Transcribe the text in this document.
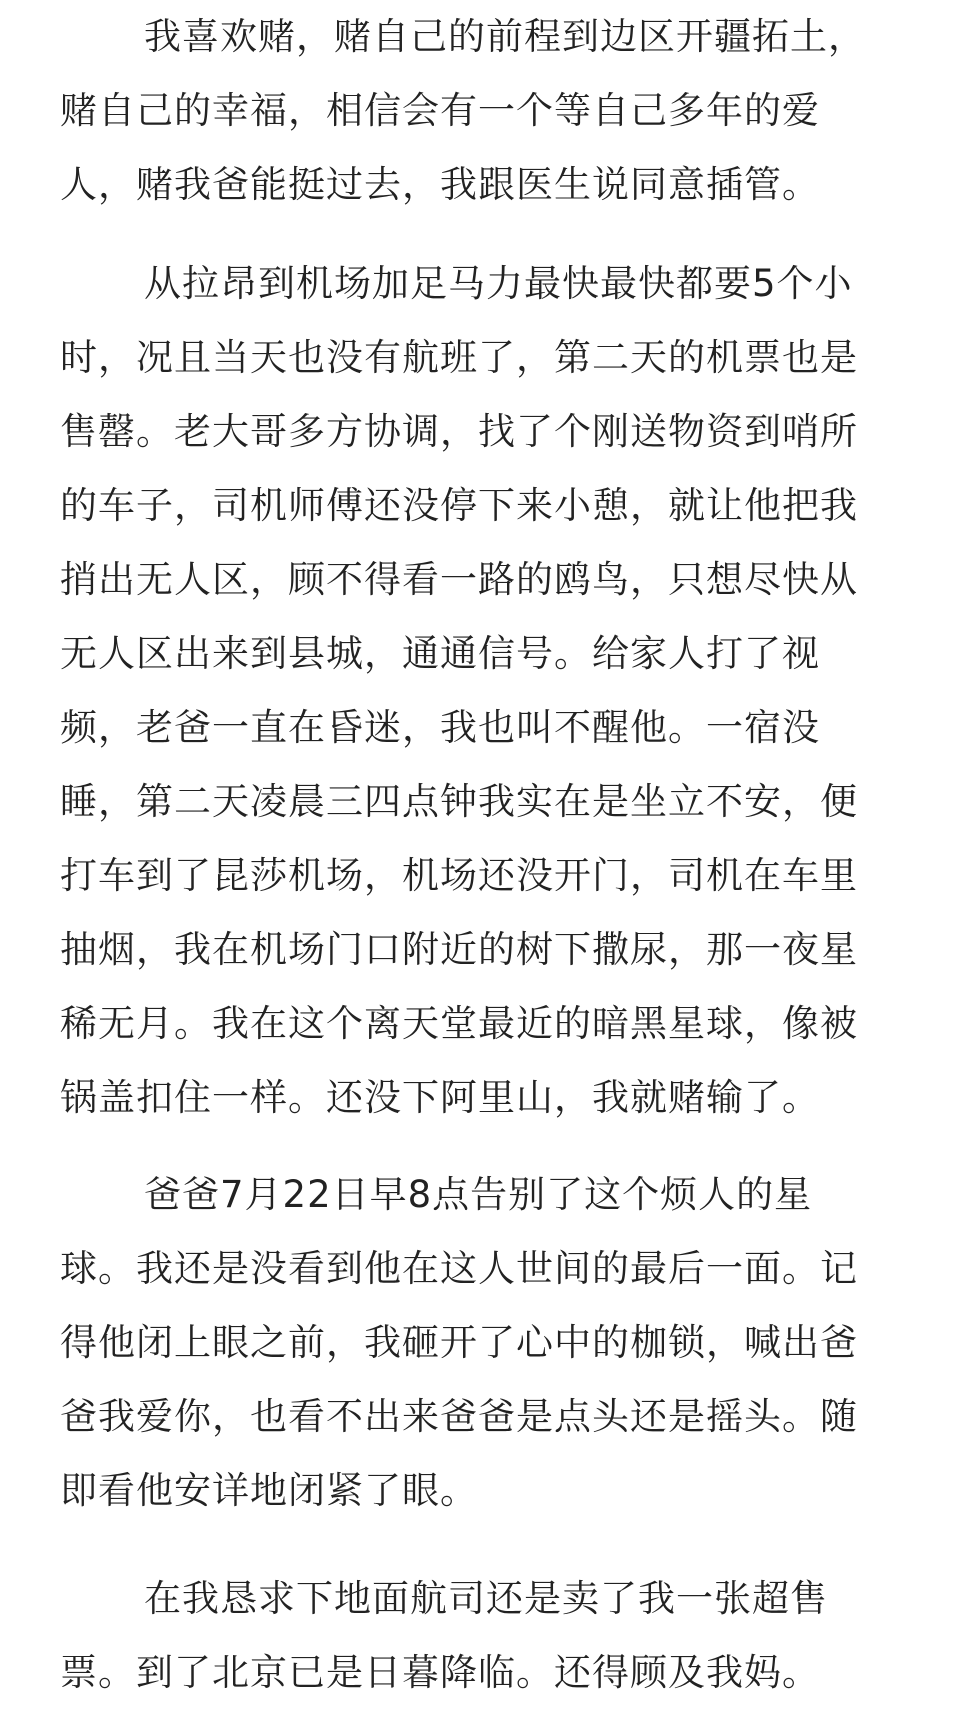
我喜欢赌，赌自己的前程到边区开疆拓土，
赌自己的幸福，相信会有一个等自己多年的爱
人，赌我爸能挺过去，我跟医生说同意插管。

从拉昂到机场加足马力最快最快都要5个小
时，况且当天也没有航班了，第二天的机票也是
售罄。老大哥多方协调，找了个刚送物资到哨所
的车子，司机师傅还没停下来小憩，就让他把我
捎出无人区，顾不得看一路的鸥鸟，只想尽快从
无人区出来到县城，通通信号。给家人打了视
频，老爸一直在昏迷，我也叫不醒他。一宿没
睡，第二天凌晨三四点钟我实在是坐立不安，便
打车到了昆莎机场，机场还没开门，司机在车里
抽烟，我在机场门口附近的树下撒尿，那一夜星
稀无月。我在这个离天堂最近的暗黑星球，像被
锅盖扣住一样。还没下阿里山，我就赌输了。

爸爸7月22日早8点告别了这个烦人的星
球。我还是没看到他在这人世间的最后一面。记
得他闭上眼之前，我砸开了心中的枷锁，喊出爸
爸我爱你，也看不出来爸爸是点头还是摇头。随
即看他安详地闭紧了眼。

在我恳求下地面航司还是卖了我一张超售
票。到了北京已是日暮降临。还得顾及我妈。
